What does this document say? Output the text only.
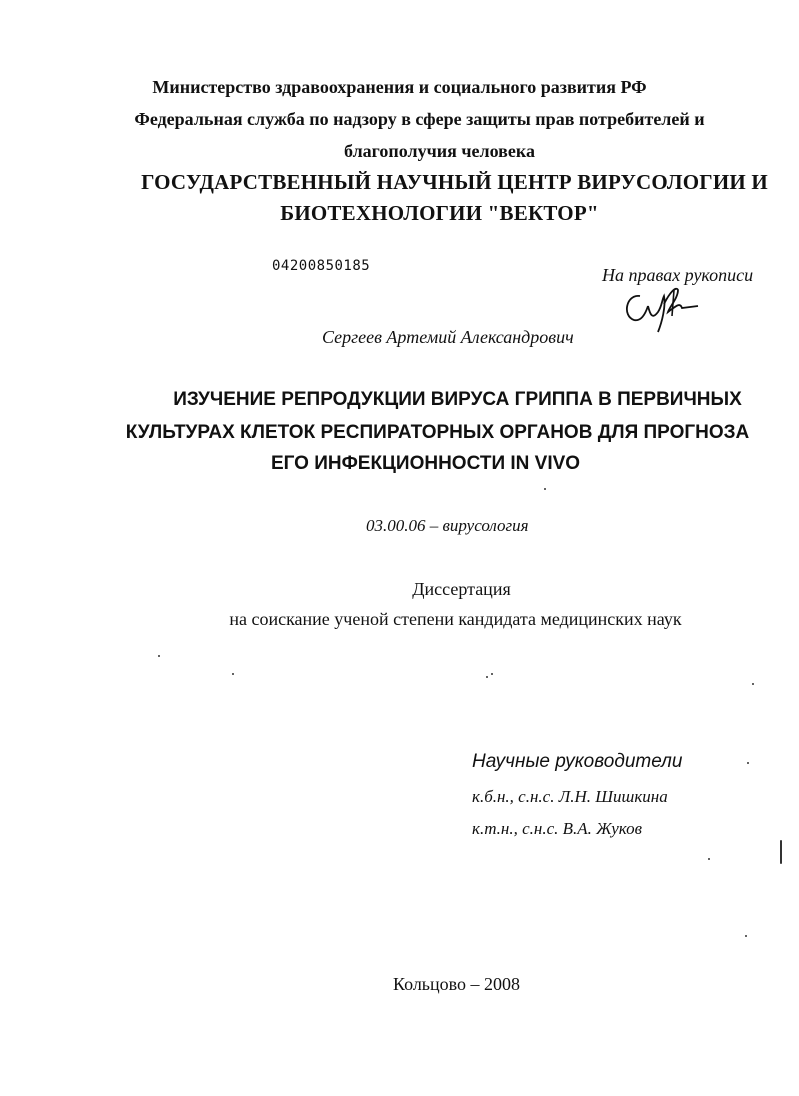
Министерство здравоохранения и социального развития РФ
Федеральная служба по надзору в сфере защиты прав потребителей и
благополучия человека
ГОСУДАРСТВЕННЫЙ НАУЧНЫЙ ЦЕНТР ВИРУСОЛОГИИ И
БИОТЕХНОЛОГИИ "ВЕКТОР"
04200850185	На правах рукописи
Сергеев Артемий Александрович
ИЗУЧЕНИЕ РЕПРОДУКЦИИ ВИРУСА ГРИППА В ПЕРВИЧНЫХ
КУЛЬТУРАХ КЛЕТОК РЕСПИРАТОРНЫХ ОРГАНОВ ДЛЯ ПРОГНОЗА
ЕГО ИНФЕКЦИОННОСТИ IN VIVO
03.00.06 – вирусология
Диссертация
на соискание ученой степени кандидата медицинских наук
Научные руководители
к.б.н., с.н.с. Л.Н. Шишкина
к.т.н., с.н.с. В.А. Жуков
Кольцово – 2008
